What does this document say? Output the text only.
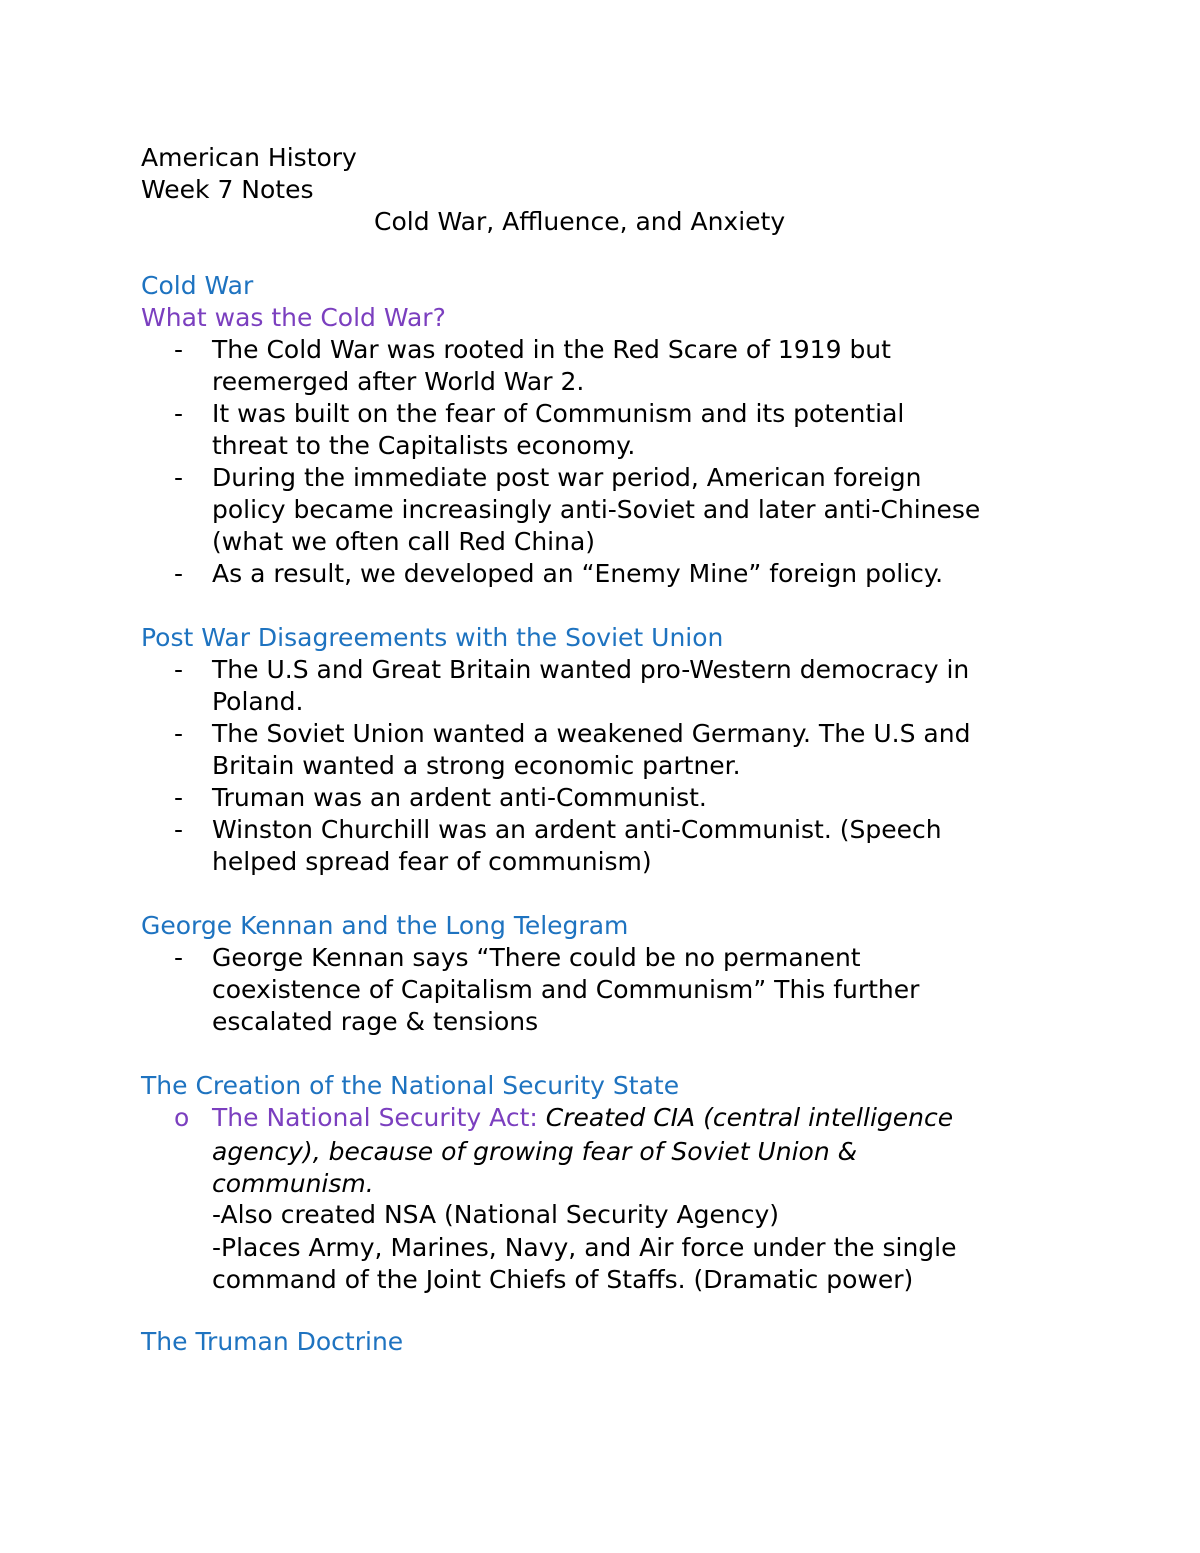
American History
Week 7 Notes
Cold War, Affluence, and Anxiety
Cold War
What was the Cold War?
- The Cold War was rooted in the Red Scare of 1919 but
reemerged after World War 2.
- It was built on the fear of Communism and its potential
threat to the Capitalists economy.
- During the immediate post war period, American foreign
policy became increasingly anti-Soviet and later anti-Chinese
(what we often call Red China)
- As a result, we developed an “Enemy Mine” foreign policy.
Post War Disagreements with the Soviet Union
- The U.S and Great Britain wanted pro-Western democracy in
Poland.
- The Soviet Union wanted a weakened Germany. The U.S and
Britain wanted a strong economic partner.
- Truman was an ardent anti-Communist.
- Winston Churchill was an ardent anti-Communist. (Speech
helped spread fear of communism)
George Kennan and the Long Telegram
- George Kennan says “There could be no permanent
coexistence of Capitalism and Communism” This further
escalated rage & tensions
The Creation of the National Security State
o The National Security Act: Created CIA (central intelligence
agency), because of growing fear of Soviet Union &
communism.
-Also created NSA (National Security Agency)
-Places Army, Marines, Navy, and Air force under the single
command of the Joint Chiefs of Staffs. (Dramatic power)
The Truman Doctrine
